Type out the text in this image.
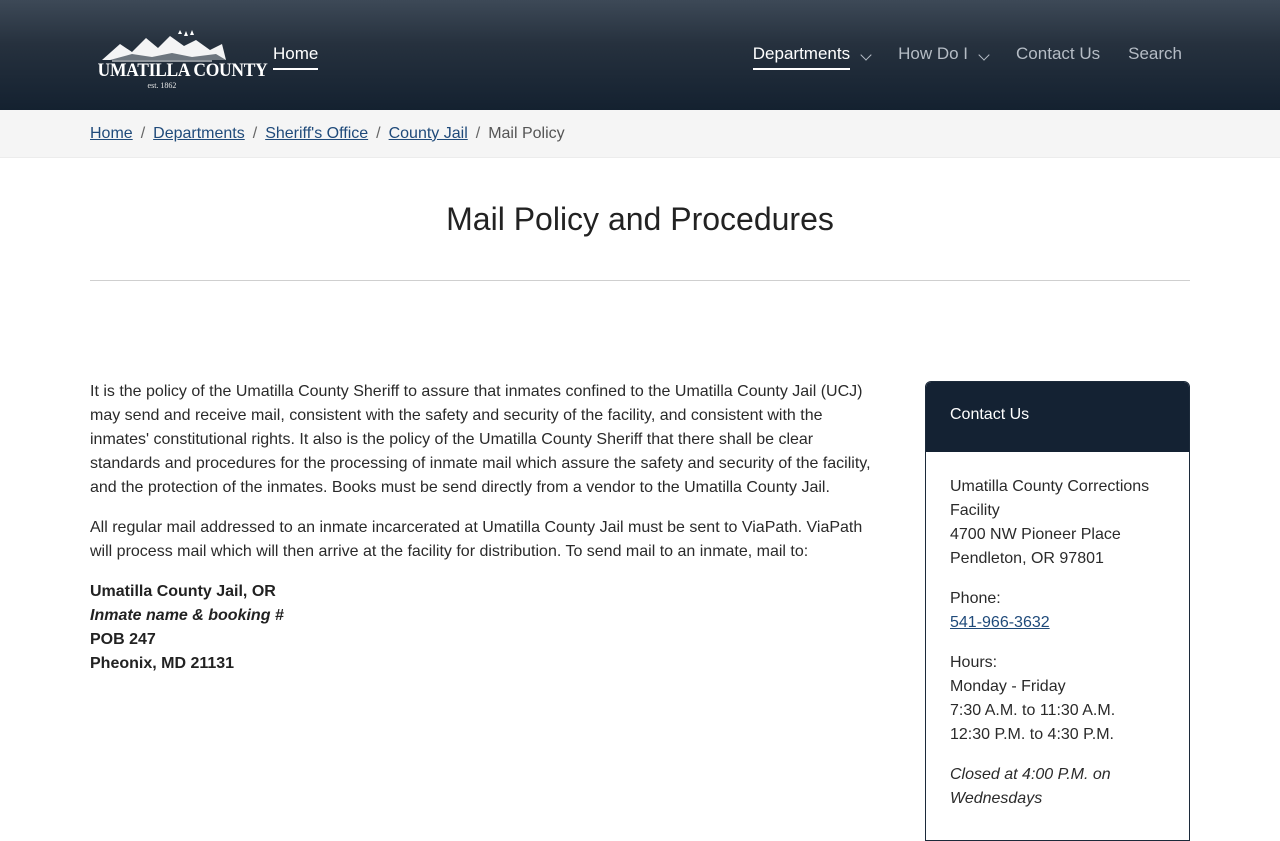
UMATILLA COUNTY
est. 1862
Home	Departments	How Do I	Contact Us Search
Home / Departments / Sheriff's Office / County Jail / Mail Policy
Mail Policy and Procedures

It is the policy of the Umatilla County Sheriff to assure that inmates confined to the Umatilla County Jail (UCJ) may send and receive mail, consistent with the safety and security of the facility, and consistent with the inmates' constitutional rights. It also is the policy of the Umatilla County Sheriff that there shall be clear standards and procedures for the processing of inmate mail which assure the safety and security of the facility, and the protection of the inmates. Books must be send directly from a vendor to the Umatilla County Jail.

All regular mail addressed to an inmate incarcerated at Umatilla County Jail must be sent to ViaPath. ViaPath will process mail which will then arrive at the facility for distribution. To send mail to an inmate, mail to:

Umatilla County Jail, OR
Inmate name & booking #
POB 247
Pheonix, MD 21131
Contact Us
Umatilla County Corrections
Facility
4700 NW Pioneer Place
Pendleton, OR 97801
Phone:
541-966-3632
Hours:
Monday - Friday
7:30 A.M. to 11:30 A.M.
12:30 P.M. to 4:30 P.M.
Closed at 4:00 P.M. on
Wednesdays
